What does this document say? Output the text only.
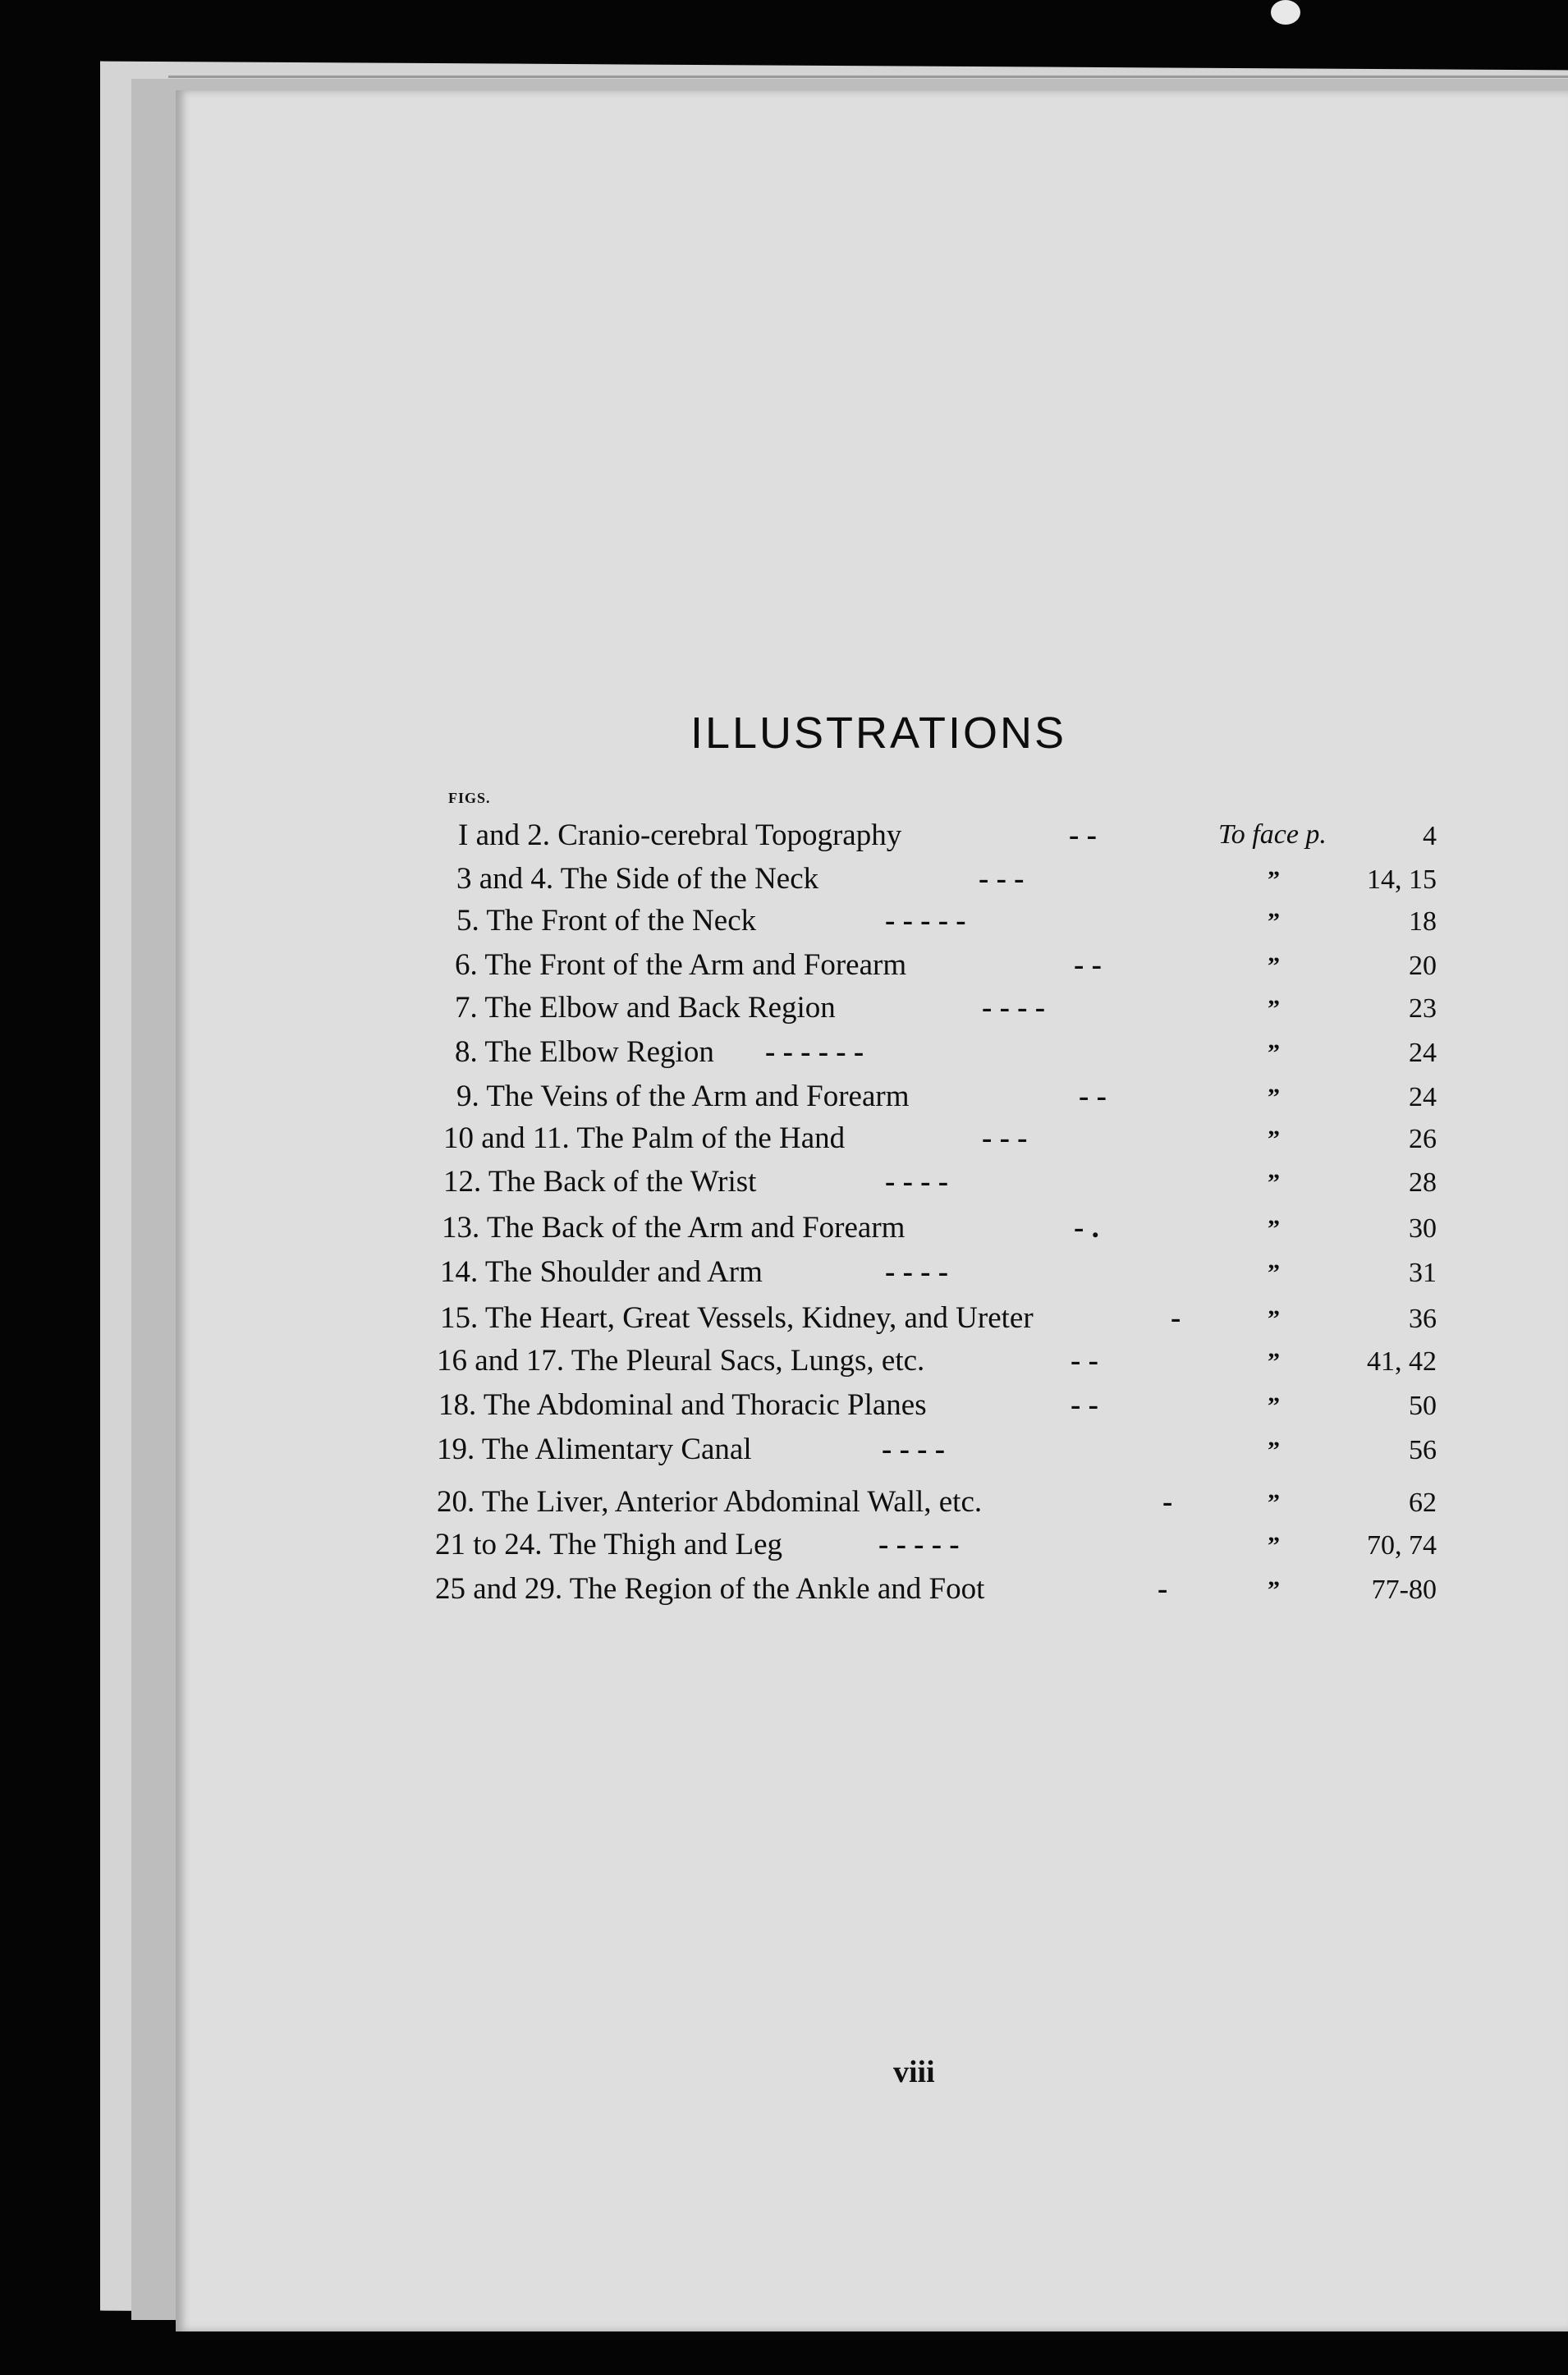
ILLUSTRATIONS
FIGS.
I and 2. Cranio-cerebral Topography	- -	To face p.	4
3 and 4. The Side of the Neck	- - -	”	14, 15
5. The Front of the Neck	- - - - -	”	18
6. The Front of the Arm and Forearm	- -	”	20
7. The Elbow and Back Region	- - - -	”	23
8. The Elbow Region - - - - - -	”	24
9. The Veins of the Arm and Forearm	- -	”	24
10 and 11. The Palm of the Hand	- - -	”	26
12. The Back of the Wrist	- - - -	”	28
13. The Back of the Arm and Forearm	- .	”	30
14. The Shoulder and Arm	- - - -	”	31
15. The Heart, Great Vessels, Kidney, and Ureter	-	”	36
16 and 17. The Pleural Sacs, Lungs, etc.	- -	”	41, 42
18. The Abdominal and Thoracic Planes	- -	”	50
19. The Alimentary Canal	- - - -	”	56
20. The Liver, Anterior Abdominal Wall, etc.	-	”	62
21 to 24. The Thigh and Leg	- - - - -	”	70, 74
25 and 29. The Region of the Ankle and Foot	-	”	77-80
viii
